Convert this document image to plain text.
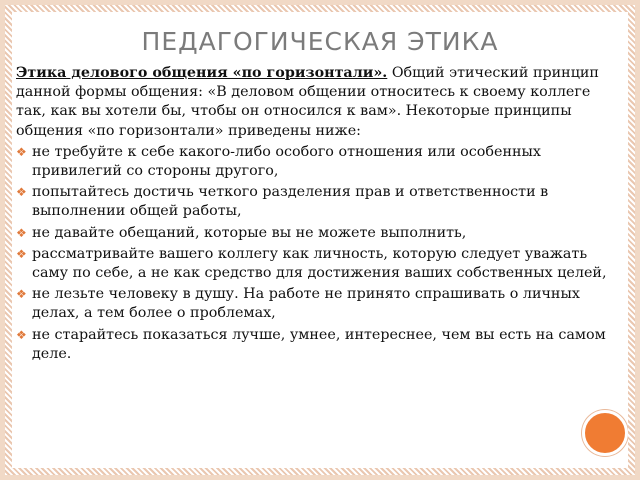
ПЕДАГОГИЧЕСКАЯ ЭТИКА

Этика делового общения «по горизонтали». Общий этический принцип данной формы общения: «В деловом общении относитесь к своему коллеге так, как вы хотели бы, чтобы он относился к вам». Некоторые принципы общения «по горизонтали» приведены ниже:

❖ не требуйте к себе какого-либо особого отношения или особенных привилегий со стороны другого,
❖ попытайтесь достичь четкого разделения прав и ответственности в выполнении общей работы,
❖ не давайте обещаний, которые вы не можете выполнить,
❖ рассматривайте вашего коллегу как личность, которую следует уважать саму по себе, а не как средство для достижения ваших собственных целей,
❖ не лезьте человеку в душу. На работе не принято спрашивать о личных делах, а тем более о проблемах,
❖ не старайтесь показаться лучше, умнее, интереснее, чем вы есть на самом деле.
